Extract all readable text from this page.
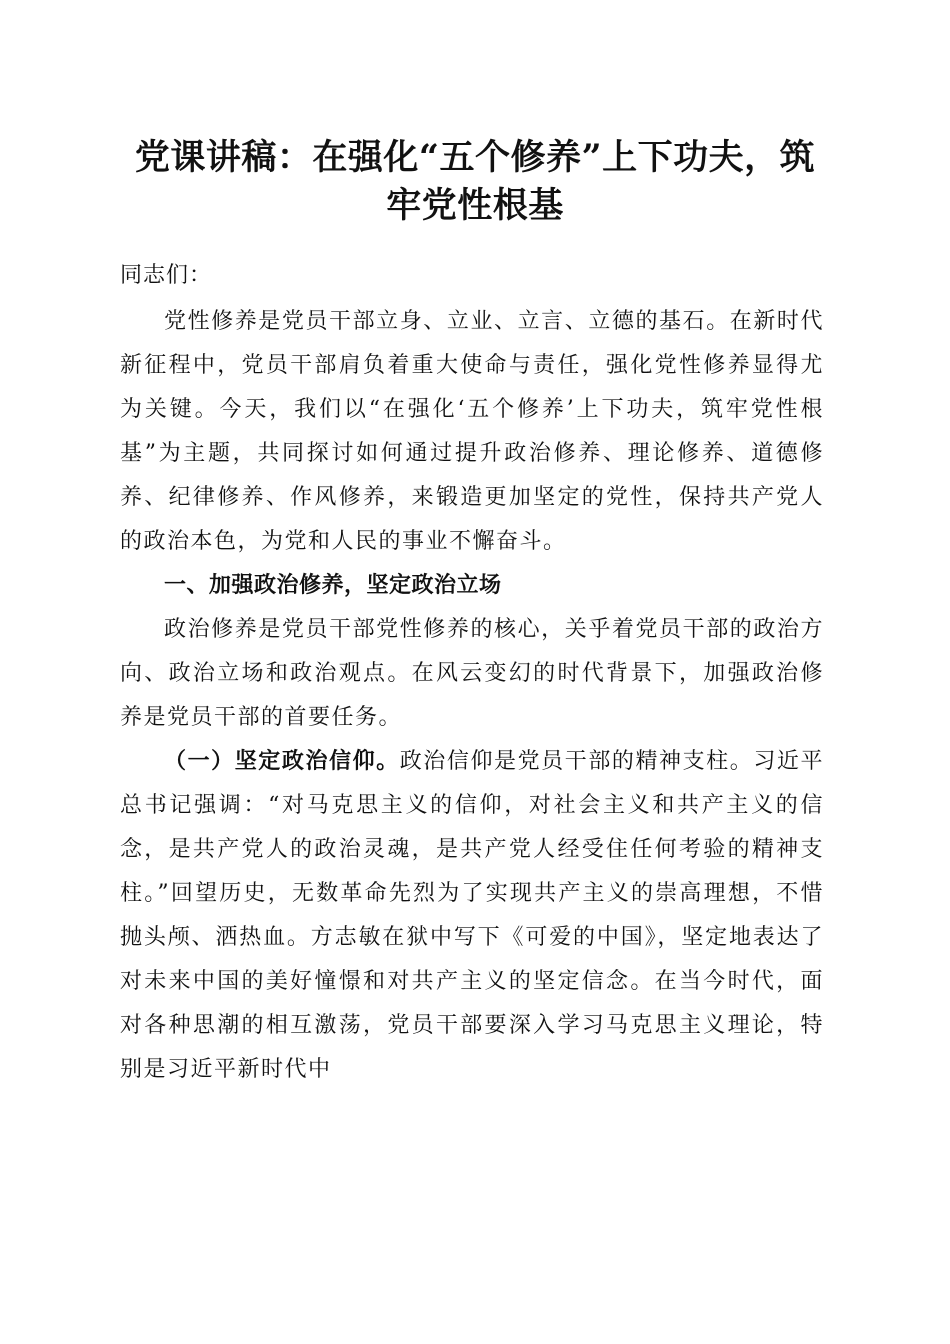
党课讲稿：在强化“五个修养”上下功夫，筑
牢党性根基

同志们：

党性修养是党员干部立身、立业、立言、立德的基石。在新时代新征程中，党员干部肩负着重大使命与责任，强化党性修养显得尤为关键。今天，我们以“在强化‘五个修养’上下功夫，筑牢党性根基”为主题，共同探讨如何通过提升政治修养、理论修养、道德修养、纪律修养、作风修养，来锻造更加坚定的党性，保持共产党人的政治本色，为党和人民的事业不懈奋斗。

一、加强政治修养，坚定政治立场

政治修养是党员干部党性修养的核心，关乎着党员干部的政治方向、政治立场和政治观点。在风云变幻的时代背景下，加强政治修养是党员干部的首要任务。

（一）坚定政治信仰。政治信仰是党员干部的精神支柱。习近平总书记强调：“对马克思主义的信仰，对社会主义和共产主义的信念，是共产党人的政治灵魂，是共产党人经受住任何考验的精神支柱。”回望历史，无数革命先烈为了实现共产主义的崇高理想，不惜抛头颅、洒热血。方志敏在狱中写下《可爱的中国》，坚定地表达了对未来中国的美好憧憬和对共产主义的坚定信念。在当今时代，面对各种思潮的相互激荡，党员干部要深入学习马克思主义理论，特别是习近平新时代中
